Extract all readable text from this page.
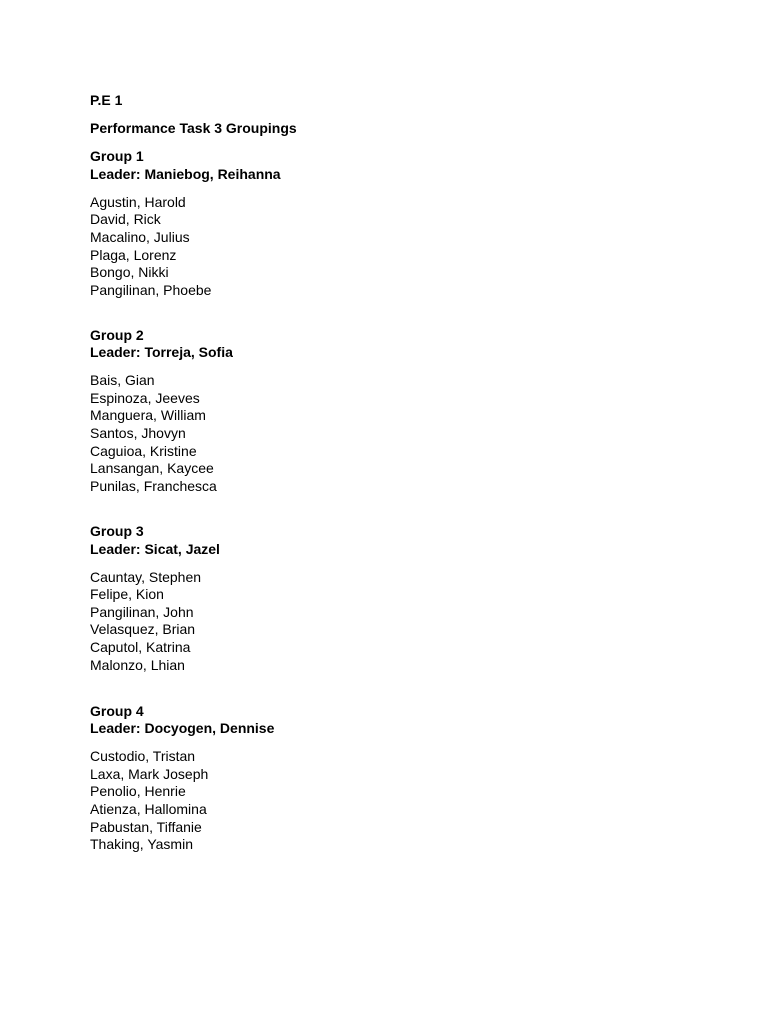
P.E 1
Performance Task 3 Groupings
Group 1
Leader: Maniebog, Reihanna
Agustin, Harold
David, Rick
Macalino, Julius
Plaga, Lorenz
Bongo, Nikki
Pangilinan, Phoebe
Group 2
Leader: Torreja, Sofia
Bais, Gian
Espinoza, Jeeves
Manguera, William
Santos, Jhovyn
Caguioa, Kristine
Lansangan, Kaycee
Punilas, Franchesca
Group 3
Leader: Sicat, Jazel
Cauntay, Stephen
Felipe, Kion
Pangilinan, John
Velasquez, Brian
Caputol, Katrina
Malonzo, Lhian
Group 4
Leader: Docyogen, Dennise
Custodio, Tristan
Laxa, Mark Joseph
Penolio, Henrie
Atienza, Hallomina
Pabustan, Tiffanie
Thaking, Yasmin
